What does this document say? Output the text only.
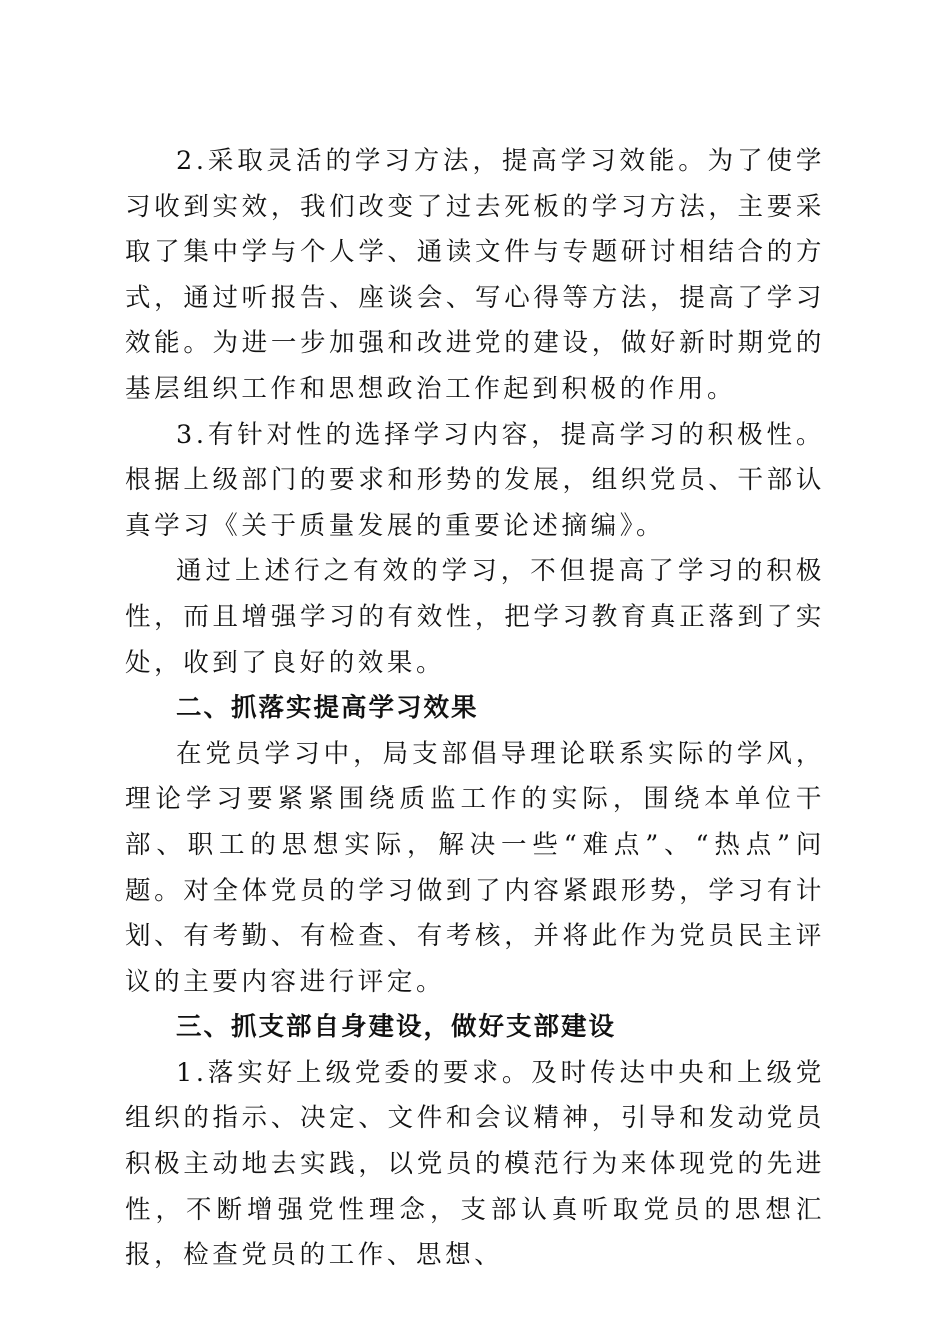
2.采取灵活的学习方法，提高学习效能。为了使学习收到实效，我们改变了过去死板的学习方法，主要采取了集中学与个人学、通读文件与专题研讨相结合的方式，通过听报告、座谈会、写心得等方法，提高了学习效能。为进一步加强和改进党的建设，做好新时期党的基层组织工作和思想政治工作起到积极的作用。

3.有针对性的选择学习内容，提高学习的积极性。根据上级部门的要求和形势的发展，组织党员、干部认真学习《关于质量发展的重要论述摘编》。

通过上述行之有效的学习，不但提高了学习的积极性，而且增强学习的有效性，把学习教育真正落到了实处，收到了良好的效果。

二、抓落实提高学习效果

在党员学习中，局支部倡导理论联系实际的学风，理论学习要紧紧围绕质监工作的实际，围绕本单位干部、职工的思想实际，解决一些“难点”、“热点”问题。对全体党员的学习做到了内容紧跟形势，学习有计划、有考勤、有检查、有考核，并将此作为党员民主评议的主要内容进行评定。

三、抓支部自身建设，做好支部建设

1.落实好上级党委的要求。及时传达中央和上级党组织的指示、决定、文件和会议精神，引导和发动党员积极主动地去实践，以党员的模范行为来体现党的先进性，不断增强党性理念，支部认真听取党员的思想汇报，检查党员的工作、思想、
